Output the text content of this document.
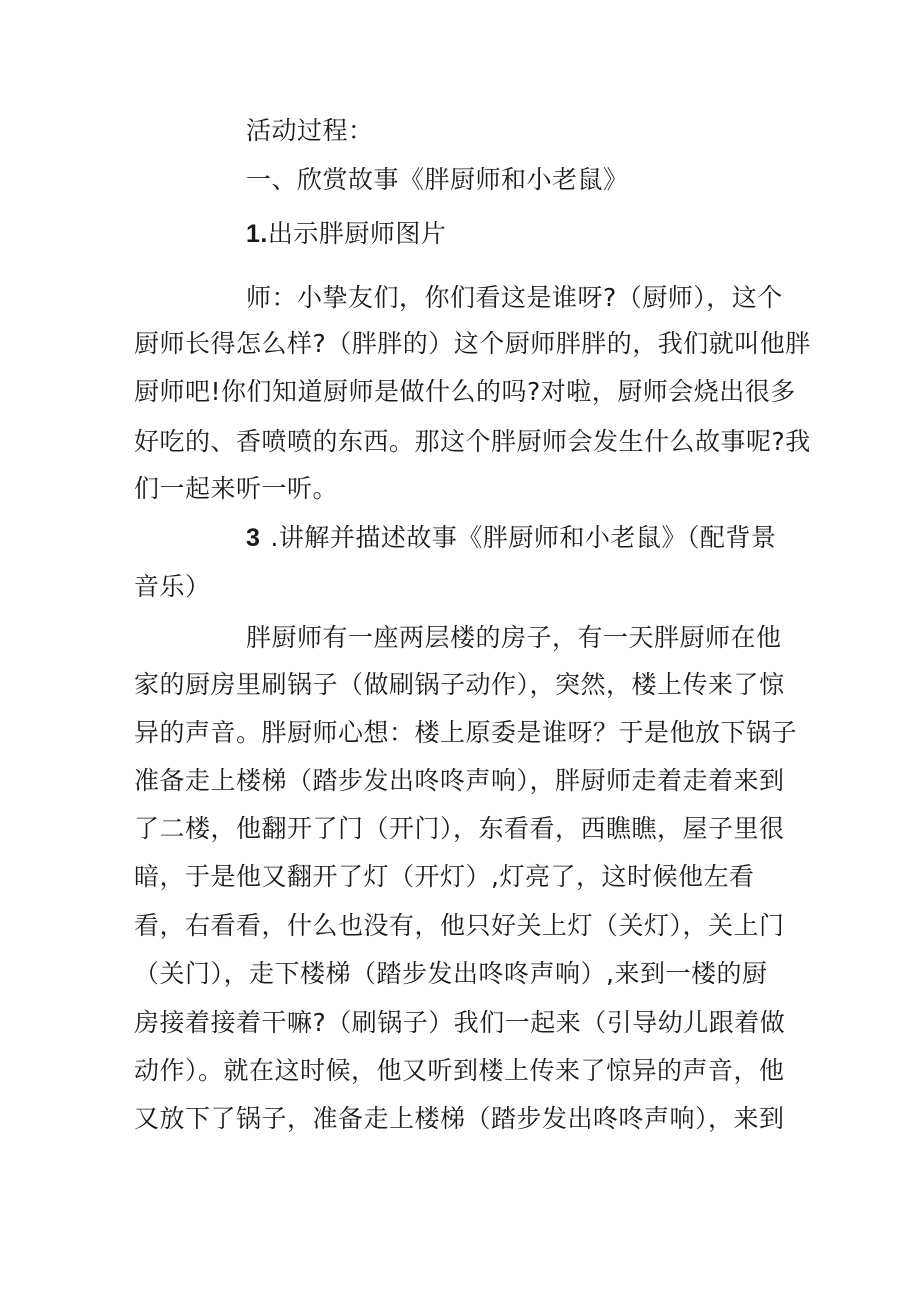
活动过程：
一、欣赏故事《胖厨师和小老鼠》
1.出示胖厨师图片
师：小挚友们，你们看这是谁呀?（厨师），这个
厨师长得怎么样?（胖胖的）这个厨师胖胖的，我们就叫他胖
厨师吧!你们知道厨师是做什么的吗?对啦，厨师会烧出很多
好吃的、香喷喷的东西。那这个胖厨师会发生什么故事呢?我
们一起来听一听。
3 .讲解并描述故事《胖厨师和小老鼠》（配背景
音乐）
胖厨师有一座两层楼的房子，有一天胖厨师在他
家的厨房里刷锅子（做刷锅子动作），突然，楼上传来了惊
异的声音。胖厨师心想：楼上原委是谁呀？于是他放下锅子
准备走上楼梯（踏步发出咚咚声响），胖厨师走着走着来到
了二楼，他翻开了门（开门），东看看，西瞧瞧，屋子里很
暗，于是他又翻开了灯（开灯）,灯亮了，这时候他左看
看，右看看，什么也没有，他只好关上灯（关灯），关上门
（关门），走下楼梯（踏步发出咚咚声响）,来到一楼的厨
房接着接着干嘛?（刷锅子）我们一起来（引导幼儿跟着做
动作）。就在这时候，他又听到楼上传来了惊异的声音，他
又放下了锅子，准备走上楼梯（踏步发出咚咚声响），来到
